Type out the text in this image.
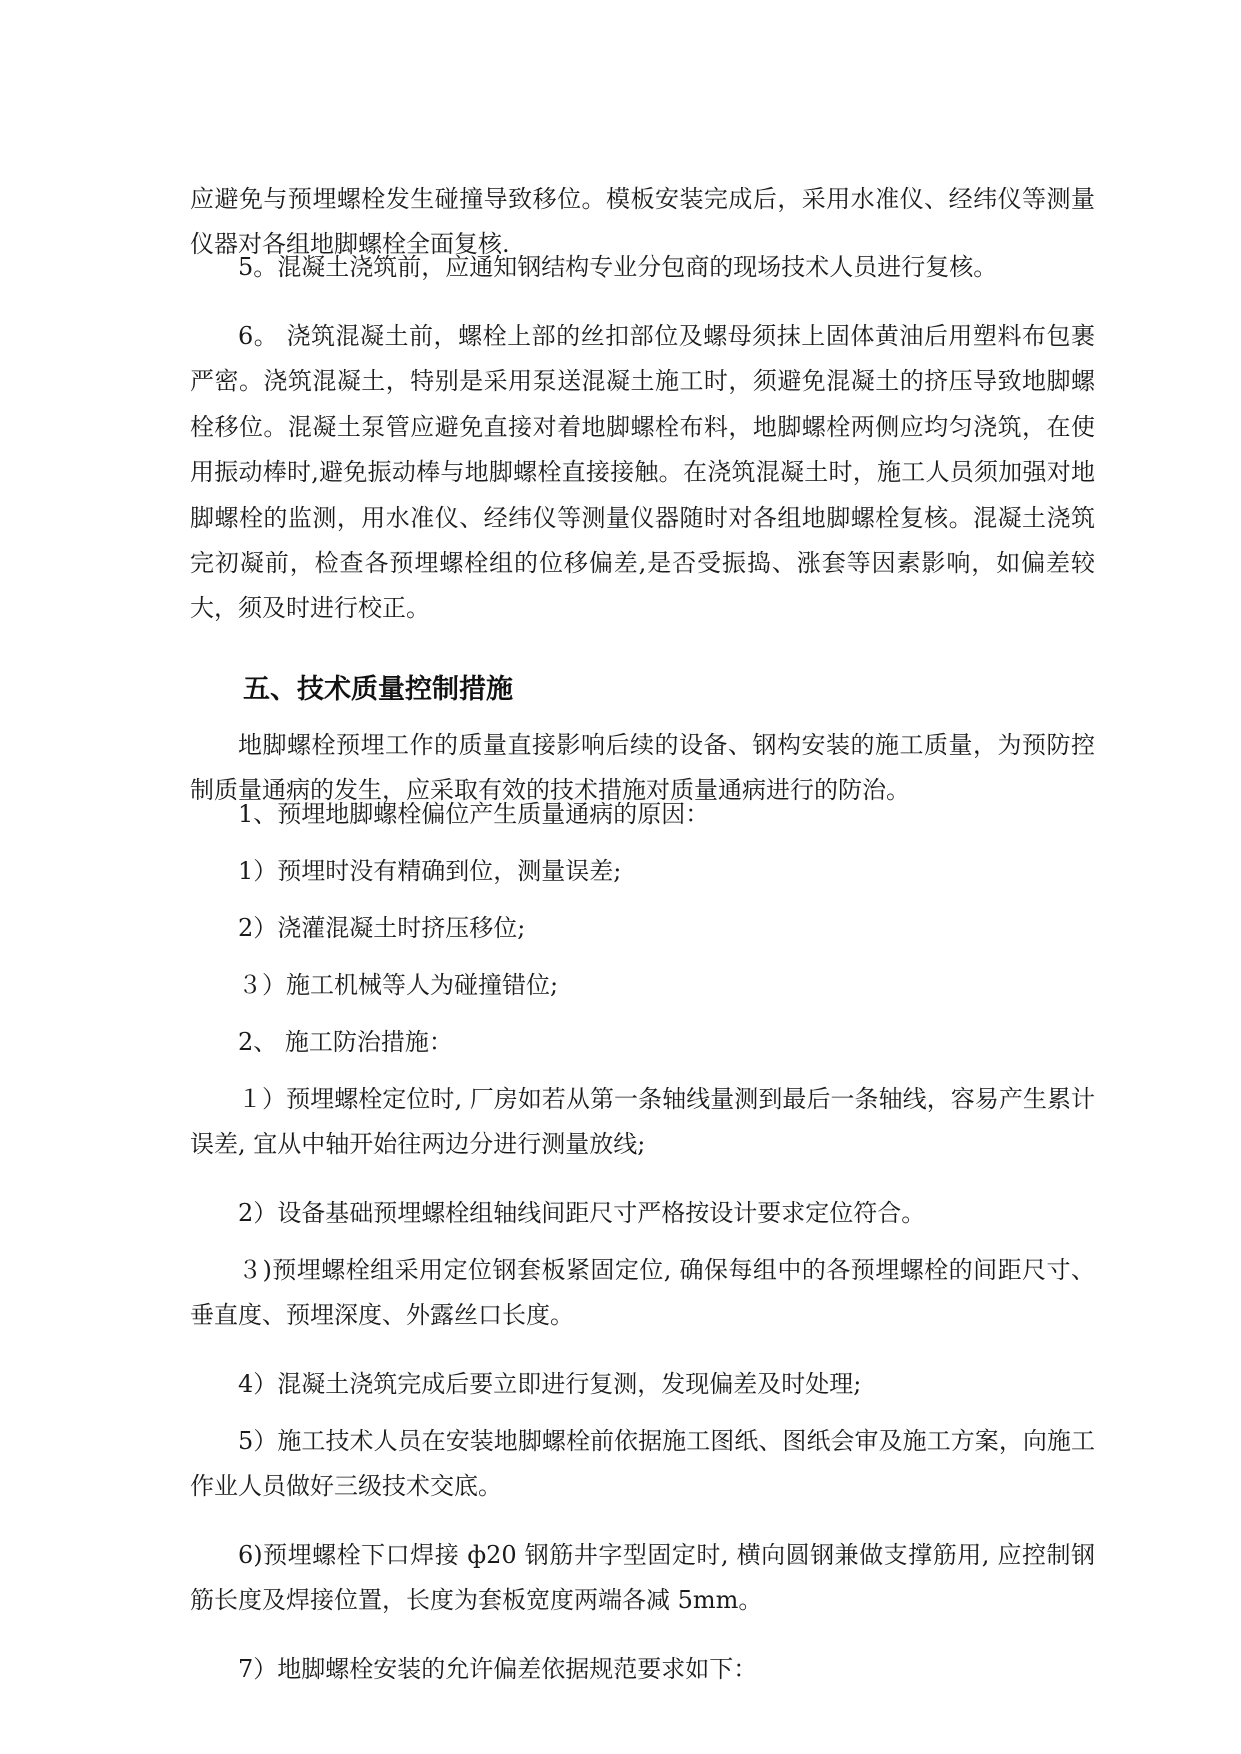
应避免与预埋螺栓发生碰撞导致移位。模板安装完成后，采用水准仪、经纬仪等测量仪器对各组地脚螺栓全面复核.

5。混凝土浇筑前，应通知钢结构专业分包商的现场技术人员进行复核。

6。 浇筑混凝土前，螺栓上部的丝扣部位及螺母须抹上固体黄油后用塑料布包裹严密。浇筑混凝土，特别是采用泵送混凝土施工时，须避免混凝土的挤压导致地脚螺栓移位。混凝土泵管应避免直接对着地脚螺栓布料，地脚螺栓两侧应均匀浇筑，在使用振动棒时,避免振动棒与地脚螺栓直接接触。在浇筑混凝土时，施工人员须加强对地脚螺栓的监测，用水准仪、经纬仪等测量仪器随时对各组地脚螺栓复核。混凝土浇筑完初凝前，检查各预埋螺栓组的位移偏差,是否受振捣、涨套等因素影响，如偏差较大，须及时进行校正。

五、技术质量控制措施

地脚螺栓预埋工作的质量直接影响后续的设备、钢构安装的施工质量，为预防控制质量通病的发生，应采取有效的技术措施对质量通病进行的防治。

1、预埋地脚螺栓偏位产生质量通病的原因：

1）预埋时没有精确到位，测量误差;

2）浇灌混凝土时挤压移位;

３）施工机械等人为碰撞错位;

2、 施工防治措施：

１）预埋螺栓定位时, 厂房如若从第一条轴线量测到最后一条轴线，容易产生累计误差, 宜从中轴开始往两边分进行测量放线;

2）设备基础预埋螺栓组轴线间距尺寸严格按设计要求定位符合。

３)预埋螺栓组采用定位钢套板紧固定位, 确保每组中的各预埋螺栓的间距尺寸、垂直度、预埋深度、外露丝口长度。

4）混凝土浇筑完成后要立即进行复测，发现偏差及时处理;

5）施工技术人员在安装地脚螺栓前依据施工图纸、图纸会审及施工方案，向施工作业人员做好三级技术交底。

6)预埋螺栓下口焊接 ф20 钢筋井字型固定时, 横向圆钢兼做支撑筋用, 应控制钢筋长度及焊接位置，长度为套板宽度两端各减 5mm。

7）地脚螺栓安装的允许偏差依据规范要求如下：
